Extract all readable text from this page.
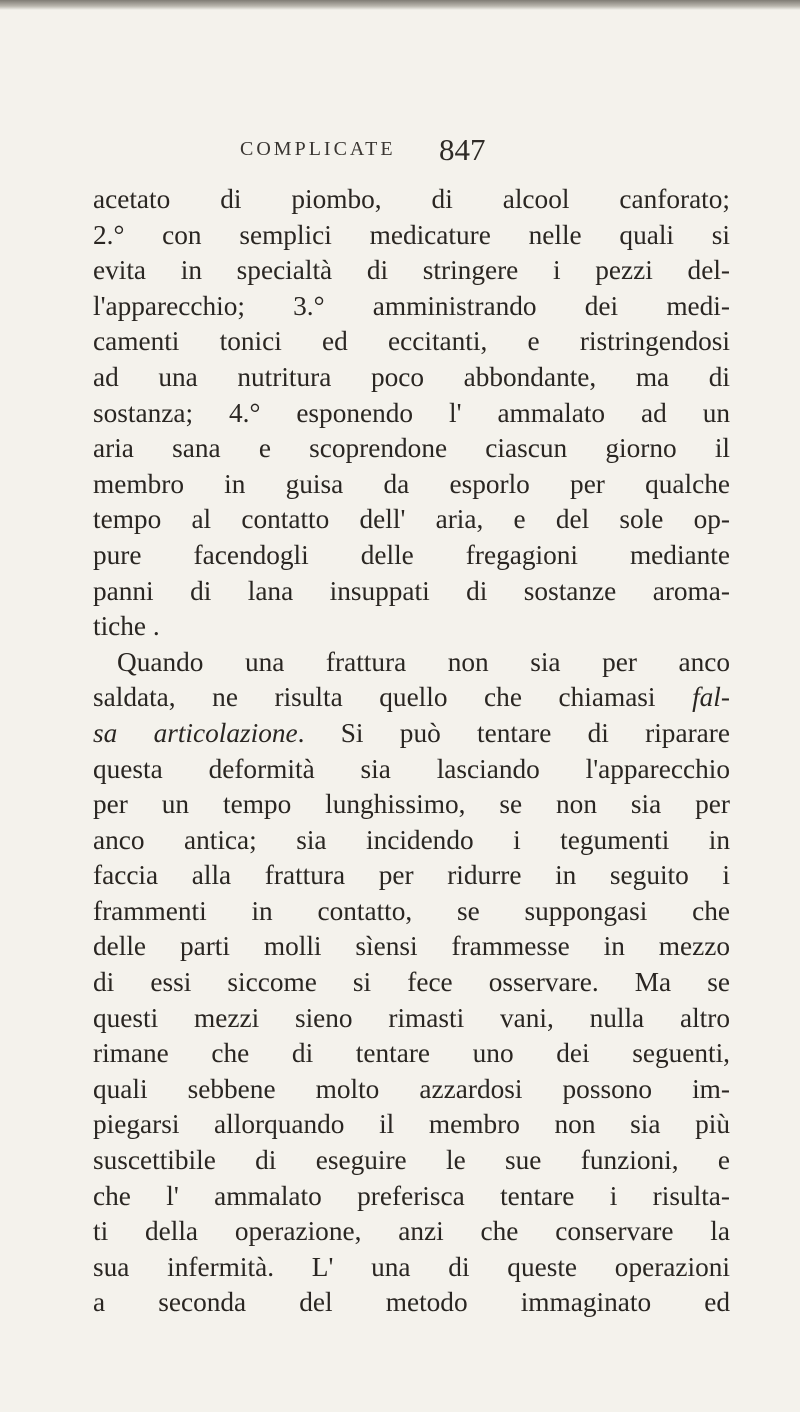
COMPLICATE 847
acetato di piombo, di alcool canforato;
2.° con semplici medicature nelle quali si
evita in specialtà di stringere i pezzi del-
l'apparecchio; 3.° amministrando dei medi-
camenti tonici ed eccitanti, e ristringendosi
ad una nutritura poco abbondante, ma di
sostanza; 4.° esponendo l' ammalato ad un
aria sana e scoprendone ciascun giorno il
membro in guisa da esporlo per qualche
tempo al contatto dell' aria, e del sole op-
pure facendogli delle fregagioni mediante
panni di lana insuppati di sostanze aroma-
tiche .
Quando una frattura non sia per anco
saldata, ne risulta quello che chiamasi fal-
sa articolazione. Si può tentare di riparare
questa deformità sia lasciando l'apparecchio
per un tempo lunghissimo, se non sia per
anco antica; sia incidendo i tegumenti in
faccia alla frattura per ridurre in seguito i
frammenti in contatto, se suppongasi che
delle parti molli sìensi frammesse in mezzo
di essi siccome si fece osservare. Ma se
questi mezzi sieno rimasti vani, nulla altro
rimane che di tentare uno dei seguenti,
quali sebbene molto azzardosi possono im-
piegarsi allorquando il membro non sia più
suscettibile di eseguire le sue funzioni, e
che l' ammalato preferisca tentare i risulta-
ti della operazione, anzi che conservare la
sua infermità. L' una di queste operazioni
a seconda del metodo immaginato ed
